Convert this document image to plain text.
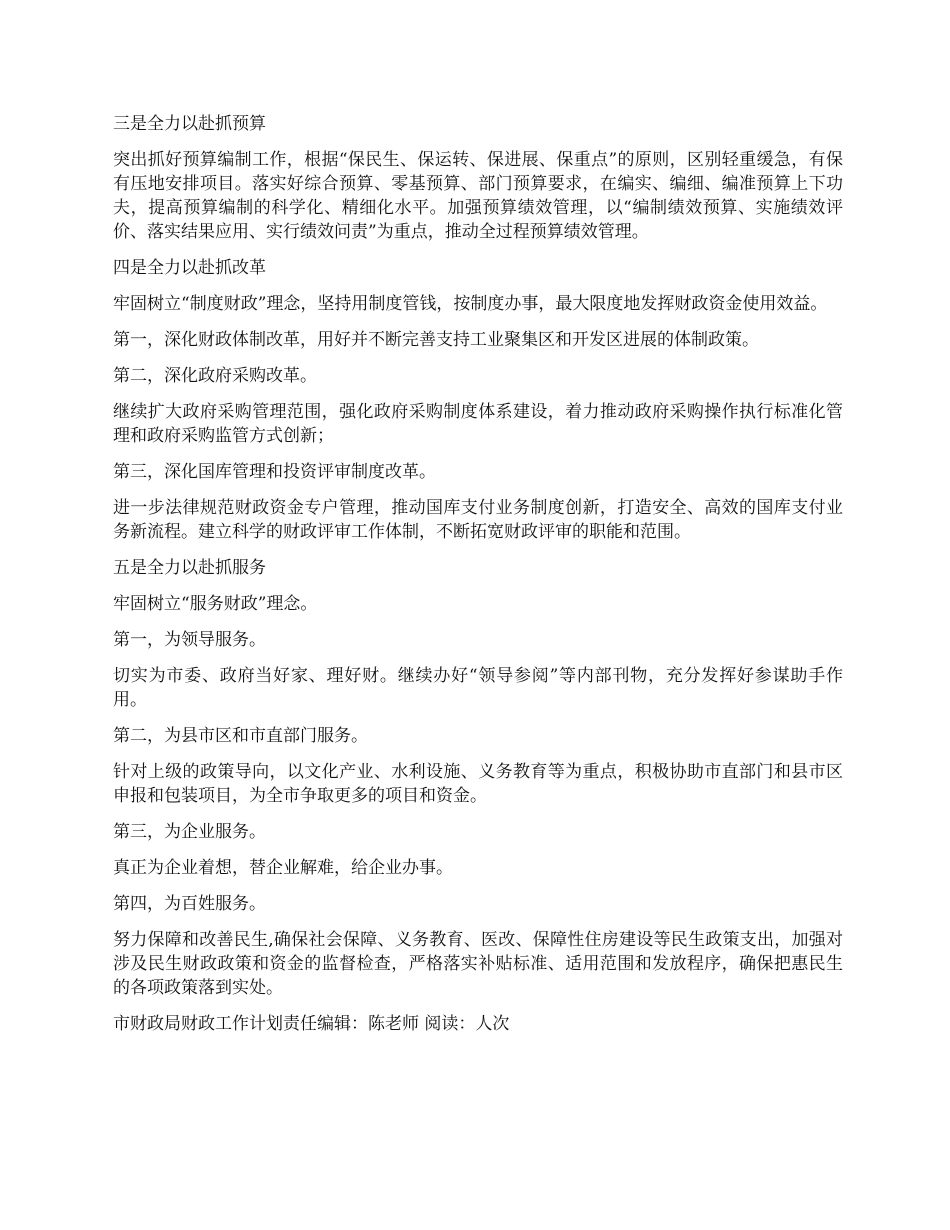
三是全力以赴抓预算

突出抓好预算编制工作，根据“保民生、保运转、保进展、保重点”的原则，区别轻重缓急，有保有压地安排项目。落实好综合预算、零基预算、部门预算要求，在编实、编细、编准预算上下功夫，提高预算编制的科学化、精细化水平。加强预算绩效管理，以“编制绩效预算、实施绩效评价、落实结果应用、实行绩效问责”为重点，推动全过程预算绩效管理。

四是全力以赴抓改革

牢固树立“制度财政”理念，坚持用制度管钱，按制度办事，最大限度地发挥财政资金使用效益。

第一，深化财政体制改革，用好并不断完善支持工业聚集区和开发区进展的体制政策。

第二，深化政府采购改革。

继续扩大政府采购管理范围，强化政府采购制度体系建设，着力推动政府采购操作执行标准化管理和政府采购监管方式创新；

第三，深化国库管理和投资评审制度改革。

进一步法律规范财政资金专户管理，推动国库支付业务制度创新，打造安全、高效的国库支付业务新流程。建立科学的财政评审工作体制，不断拓宽财政评审的职能和范围。

五是全力以赴抓服务

牢固树立“服务财政”理念。

第一，为领导服务。

切实为市委、政府当好家、理好财。继续办好“领导参阅”等内部刊物，充分发挥好参谋助手作用。

第二，为县市区和市直部门服务。

针对上级的政策导向，以文化产业、水利设施、义务教育等为重点，积极协助市直部门和县市区申报和包装项目，为全市争取更多的项目和资金。

第三，为企业服务。

真正为企业着想，替企业解难，给企业办事。

第四，为百姓服务。

努力保障和改善民生,确保社会保障、义务教育、医改、保障性住房建设等民生政策支出，加强对涉及民生财政政策和资金的监督检查，严格落实补贴标准、适用范围和发放程序，确保把惠民生的各项政策落到实处。

市财政局财政工作计划责任编辑：陈老师 阅读：人次
